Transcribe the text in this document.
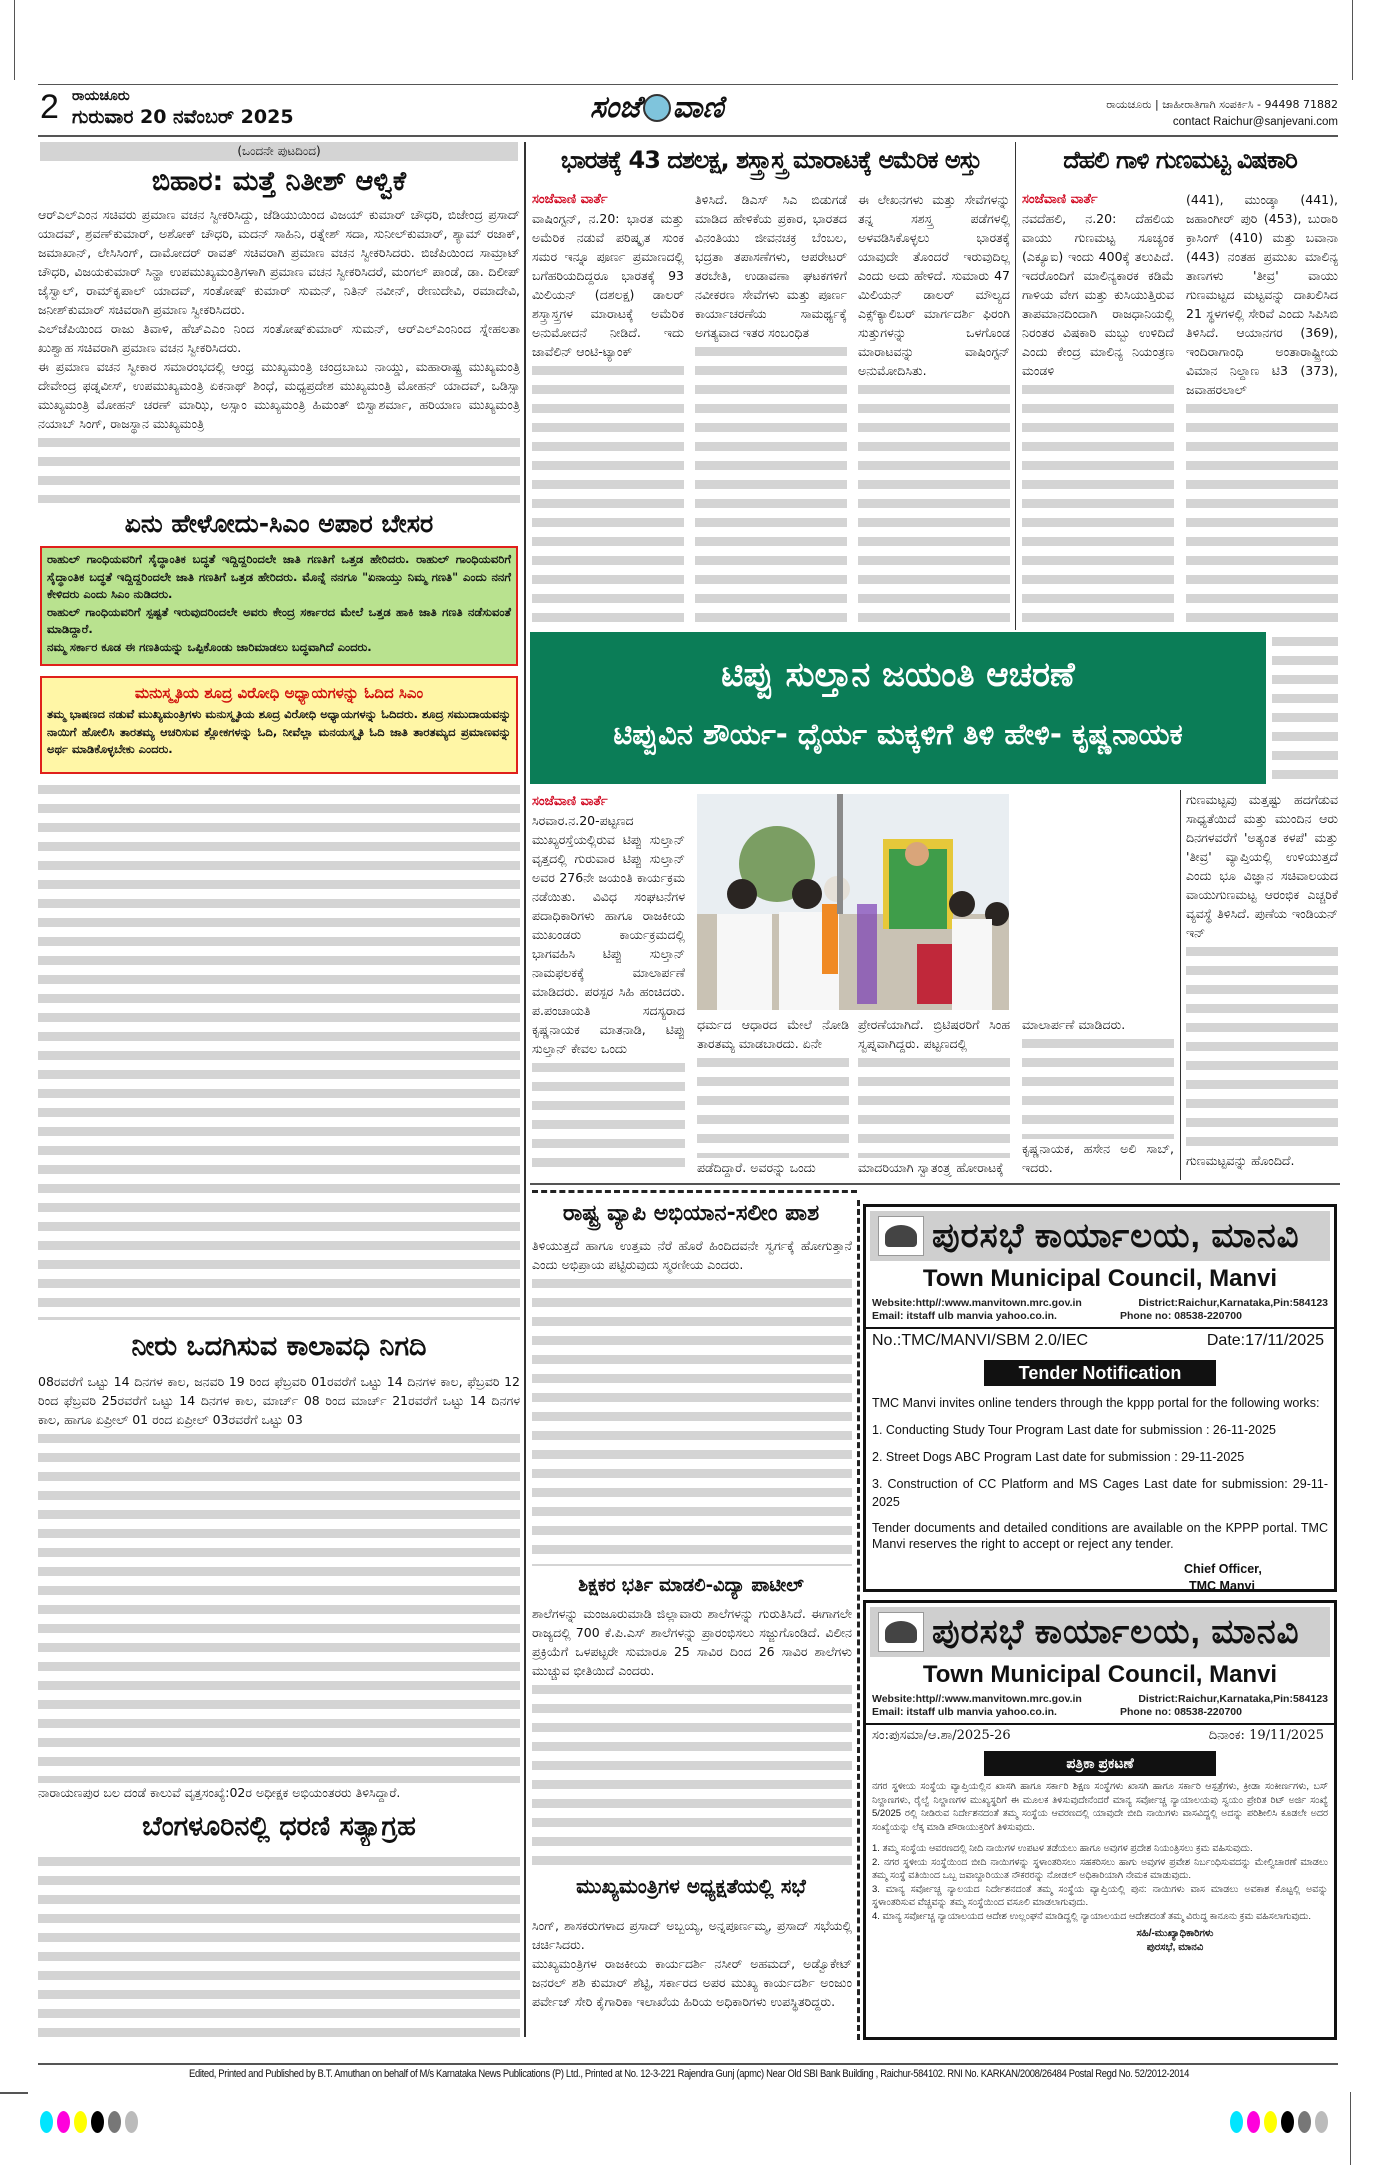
2 ರಾಯಚೂರು
ಗುರುವಾರ 20 ನವೆಂಬರ್ 2025	ಸಂಜೆ ವಾಣಿ	ರಾಯಚೂರು | ಜಾಹೀರಾತಿಗಾಗಿ ಸಂಪರ್ಕಿಸಿ - 94498 71882
contact Raichur@sanjevani.com
(ಒಂದನೇ ಪುಟದಿಂದ)
ಬಿಹಾರ: ಮತ್ತೆ ನಿತೀಶ್ ಆಳ್ವಿಕೆ

ಆರ್‌ಎಲ್‌ಎಂನ ಸಚಿವರು ಪ್ರಮಾಣ ವಚನ ಸ್ವೀಕರಿಸಿದ್ದು, ಜೆಡಿಯುಯಿಂದ ವಿಜಯ್ ಕುಮಾರ್ ಚೌಧರಿ, ಬಿಜೇಂದ್ರ ಪ್ರಸಾದ್ ಯಾದವ್, ಶ್ರವಣ್‌ಕುಮಾರ್, ಅಶೋಕ್ ಚೌಧರಿ, ಮದನ್ ಸಾಹಿನಿ, ರತ್ನೇಶ್ ಸದಾ, ಸುನೀಲ್‌ಕುಮಾರ್, ಶ್ಯಾಮ್ ರಜಾಕ್, ಜಮಾಖಾನ್, ಲೇಸಿಸಿಂಗ್, ದಾಮೋದರ್ ರಾವತ್ ಸಚಿವರಾಗಿ ಪ್ರಮಾಣ ವಚನ ಸ್ವೀಕರಿಸಿದರು. ಬಿಜೆಪಿಯಿಂದ ಸಾಮ್ರಾಟ್ ಚೌಧರಿ, ವಿಜಯಕುಮಾರ್ ಸಿನ್ಹಾ ಉಪಮುಖ್ಯಮಂತ್ರಿಗಳಾಗಿ ಪ್ರಮಾಣ ವಚನ ಸ್ವೀಕರಿಸಿದರೆ, ಮಂಗಲ್ ಪಾಂಡೆ, ಡಾ. ದಿಲೀಪ್ ಜೈಸ್ವಾಲ್, ರಾಮ್‌ಕೃಪಾಲ್ ಯಾದವ್, ಸಂತೋಷ್ ಕುಮಾರ್ ಸುಮನ್, ನಿತಿನ್ ನವೀನ್, ರೇಣುದೇವಿ, ರಮಾದೇವಿ, ಜನೀಶ್‌ಕುಮಾರ್ ಸಚಿವರಾಗಿ ಪ್ರಮಾಣ ಸ್ವೀಕರಿಸಿದರು.

ಎಲ್‌ಜೆಪಿಯಿಂದ ರಾಜು ತಿವಾಳಿ, ಹೆಚ್‌ಎಎಂ ನಿಂದ ಸಂತೋಷ್‌ಕುಮಾರ್ ಸುಮನ್, ಆರ್‌ಎಲ್‌ಎಂನಿಂದ ಸ್ನೇಹಲತಾ ಖುಶ್ವಾಹ ಸಚಿವರಾಗಿ ಪ್ರಮಾಣ ವಚನ ಸ್ವೀಕರಿಸಿದರು.

ಈ ಪ್ರಮಾಣ ವಚನ ಸ್ವೀಕಾರ ಸಮಾರಂಭದಲ್ಲಿ ಆಂಧ್ರ ಮುಖ್ಯಮಂತ್ರಿ ಚಂದ್ರಬಾಬು ನಾಯ್ಡು, ಮಹಾರಾಷ್ಟ್ರ ಮುಖ್ಯಮಂತ್ರಿ ದೇವೇಂದ್ರ ಫಡ್ನವೀಸ್, ಉಪಮುಖ್ಯಮಂತ್ರಿ ಏಕನಾಥ್ ಶಿಂಧೆ, ಮಧ್ಯಪ್ರದೇಶ ಮುಖ್ಯಮಂತ್ರಿ ಮೋಹನ್ ಯಾದವ್, ಒಡಿಸ್ಸಾ ಮುಖ್ಯಮಂತ್ರಿ ಮೋಹನ್ ಚರಣ್ ಮಾಝಿ, ಅಸ್ಸಾಂ ಮುಖ್ಯಮಂತ್ರಿ ಹಿಮಂತ್ ಬಿಸ್ವಾಶರ್ಮಾ, ಹರಿಯಾಣ ಮುಖ್ಯಮಂತ್ರಿ ನಯಾಬ್ ಸಿಂಗ್, ರಾಜಸ್ಥಾನ ಮುಖ್ಯಮಂತ್ರಿ

ಏನು ಹೇಳೋದು-ಸಿಎಂ ಅಪಾರ ಬೇಸರ

ರಾಹುಲ್ ಗಾಂಧಿಯವರಿಗೆ ಸೈದ್ಧಾಂತಿಕ ಬದ್ಧತೆ ಇದ್ದಿದ್ದರಿಂದಲೇ ಜಾತಿ ಗಣತಿಗೆ ಒತ್ತಡ ಹೇರಿದರು. ರಾಹುಲ್ ಗಾಂಧಿಯವರಿಗೆ ಸೈದ್ಧಾಂತಿಕ ಬದ್ಧತೆ ಇದ್ದಿದ್ದರಿಂದಲೇ ಜಾತಿ ಗಣತಿಗೆ ಒತ್ತಡ ಹೇರಿದರು. ಮೊನ್ನೆ ನನಗೂ "ಏನಾಯ್ತು ನಿಮ್ಮ ಗಣತಿ" ಎಂದು ನನಗೆ ಕೇಳಿದರು ಎಂದು ಸಿಎಂ ನುಡಿದರು.

ರಾಹುಲ್ ಗಾಂಧಿಯವರಿಗೆ ಸ್ಪಷ್ಟತೆ ಇರುವುದರಿಂದಲೇ ಅವರು ಕೇಂದ್ರ ಸರ್ಕಾರದ ಮೇಲೆ ಒತ್ತಡ ಹಾಕಿ ಜಾತಿ ಗಣತಿ ನಡೆಸುವಂತೆ ಮಾಡಿದ್ದಾರೆ.

ನಮ್ಮ ಸರ್ಕಾರ ಕೂಡ ಈ ಗಣತಿಯನ್ನು ಒಪ್ಪಿಕೊಂಡು ಜಾರಿಮಾಡಲು ಬದ್ಧವಾಗಿದೆ ಎಂದರು.

ಮನುಸ್ಮೃತಿಯ ಶೂದ್ರ ವಿರೋಧಿ ಅಧ್ಯಾಯಗಳನ್ನು ಓದಿದ ಸಿಎಂ

ತಮ್ಮ ಭಾಷಣದ ನಡುವೆ ಮುಖ್ಯಮಂತ್ರಿಗಳು ಮನುಸ್ಮೃತಿಯ ಶೂದ್ರ ವಿರೋಧಿ ಅಧ್ಯಾಯಗಳನ್ನು ಓದಿದರು. ಶೂದ್ರ ಸಮುದಾಯವನ್ನು ನಾಯಿಗೆ ಹೋಲಿಸಿ ತಾರತಮ್ಯ ಆಚರಿಸುವ ಶ್ಲೋಕಗಳನ್ನು ಓದಿ, ನೀವೆಲ್ಲಾ ಮನಯಸ್ಮೃತಿ ಓದಿ ಜಾತಿ ತಾರತಮ್ಯದ ಪ್ರಮಾಣವನ್ನು ಅರ್ಥ ಮಾಡಿಕೊಳ್ಳಬೇಕು ಎಂದರು.

ನೀರು ಒದಗಿಸುವ ಕಾಲಾವಧಿ ನಿಗದಿ

08ರವರೆಗೆ ಒಟ್ಟು 14 ದಿನಗಳ ಕಾಲ, ಜನವರಿ 19 ರಿಂದ ಫೆಬ್ರವರಿ 01ರವರೆಗೆ ಒಟ್ಟು 14 ದಿನಗಳ ಕಾಲ, ಫೆಬ್ರವರಿ 12 ರಿಂದ ಫೆಬ್ರವರಿ 25ರವರೆಗೆ ಒಟ್ಟು 14 ದಿನಗಳ ಕಾಲ, ಮಾರ್ಚ್ 08 ರಿಂದ ಮಾರ್ಚ್ 21ರವರೆಗೆ ಒಟ್ಟು 14 ದಿನಗಳ ಕಾಲ, ಹಾಗೂ ಏಪ್ರೀಲ್ 01 ರಂದ ಏಪ್ರೀಲ್ 03ರವರೆಗೆ ಒಟ್ಟು 03

ನಾರಾಯಣಪುರ ಬಲ ದಂಡೆ ಕಾಲುವೆ ವೃತ್ತಸಂಖ್ಯೆ:02ರ ಅಧೀಕ್ಷಕ ಅಭಿಯಂತರರು ತಿಳಿಸಿದ್ದಾರೆ.

ಬೆಂಗಳೂರಿನಲ್ಲಿ ಧರಣಿ ಸತ್ಯಾಗ್ರಹ
ಭಾರತಕ್ಕೆ 43 ದಶಲಕ್ಷ, ಶಸ್ತ್ರಾಸ್ತ್ರ ಮಾರಾಟಕ್ಕೆ ಅಮೆರಿಕ ಅಸ್ತು
ಸಂಜೆವಾಣಿ ವಾರ್ತೆ

ವಾಷಿಂಗ್ಟನ್, ನ.20: ಭಾರತ ಮತ್ತು ಅಮೆರಿಕ ನಡುವೆ ಪರಿಷ್ಕೃತ ಸುಂಕ ಸಮರ ಇನ್ನೂ ಪೂರ್ಣ ಪ್ರಮಾಣದಲ್ಲಿ ಬಗೆಹರಿಯದಿದ್ದರೂ ಭಾರತಕ್ಕೆ 93 ಮಿಲಿಯನ್ (ದಶಲಕ್ಷ) ಡಾಲರ್ ಶಸ್ತ್ರಾಸ್ತ್ರಗಳ ಮಾರಾಟಕ್ಕೆ ಅಮೆರಿಕ ಅನುಮೋದನೆ ನೀಡಿದೆ. ಇದು ಜಾವೆಲಿನ್ ಆಂಟಿ-ಟ್ಯಾಂಕ್

ತಿಳಿಸಿದೆ. ಡಿಎಸ್ ಸಿಎ ಬಿಡುಗಡೆ ಮಾಡಿದ ಹೇಳಿಕೆಯ ಪ್ರಕಾರ, ಭಾರತದ ವಿನಂತಿಯು ಜೀವನಚಕ್ರ ಬೆಂಬಲ, ಭದ್ರತಾ ತಪಾಸಣೆಗಳು, ಆಪರೇಟರ್ ತರಬೇತಿ, ಉಡಾವಣಾ ಘಟಕಗಳಿಗೆ ನವೀಕರಣ ಸೇವೆಗಳು ಮತ್ತು ಪೂರ್ಣ ಕಾರ್ಯಾಚರಣೆಯ ಸಾಮರ್ಥ್ಯಕ್ಕೆ ಅಗತ್ಯವಾದ ಇತರ ಸಂಬಂಧಿತ

ಈ ಲೇಖನಗಳು ಮತ್ತು ಸೇವೆಗಳನ್ನು ತನ್ನ ಸಶಸ್ತ್ರ ಪಡೆಗಳಲ್ಲಿ ಅಳವಡಿಸಿಕೊಳ್ಳಲು ಭಾರತಕ್ಕೆ ಯಾವುದೇ ತೊಂದರೆ ಇರುವುದಿಲ್ಲ ಎಂದು ಅದು ಹೇಳಿದೆ. ಸುಮಾರು 47 ಮಿಲಿಯನ್ ಡಾಲರ್ ಮೌಲ್ಯದ ಎಕ್ಸ್‌ಕ್ಯಾಲಿಬರ್ ಮಾರ್ಗದರ್ಶಿ ಫಿರಂಗಿ ಸುತ್ತುಗಳನ್ನು ಒಳಗೊಂಡ ಮಾರಾಟವನ್ನು ವಾಷಿಂಗ್ಟನ್ ಅನುಮೋದಿಸಿತು.

ದೆಹಲಿ ಗಾಳಿ ಗುಣಮಟ್ಟ ವಿಷಕಾರಿ
ಸಂಜೆವಾಣಿ ವಾರ್ತೆ

ನವದೆಹಲಿ, ನ.20: ದೆಹಲಿಯ ವಾಯು ಗುಣಮಟ್ಟ ಸೂಚ್ಯಂಕ (ಎಕ್ಯೂಐ) ಇಂದು 400ಕ್ಕೆ ತಲುಪಿದೆ. ಇದರೊಂದಿಗೆ ಮಾಲಿನ್ಯಕಾರಕ ಕಡಿಮೆ ಗಾಳಿಯ ವೇಗ ಮತ್ತು ಕುಸಿಯುತ್ತಿರುವ ತಾಪಮಾನದಿಂದಾಗಿ ರಾಜಧಾನಿಯಲ್ಲಿ ನಿರಂತರ ವಿಷಕಾರಿ ಮಬ್ಬು ಉಳಿದಿದೆ ಎಂದು ಕೇಂದ್ರ ಮಾಲಿನ್ಯ ನಿಯಂತ್ರಣ ಮಂಡಳಿ

(441), ಮುಂಡ್ಕಾ (441), ಜಹಾಂಗೀರ್ ಪುರಿ (453), ಬುರಾರಿ ಕ್ರಾಸಿಂಗ್ (410) ಮತ್ತು ಬವಾನಾ (443) ನಂತಹ ಪ್ರಮುಖ ಮಾಲಿನ್ಯ ತಾಣಗಳು 'ತೀವ್ರ' ವಾಯು ಗುಣಮಟ್ಟದ ಮಟ್ಟವನ್ನು ದಾಖಲಿಸಿದ 21 ಸ್ಥಳಗಳಲ್ಲಿ ಸೇರಿವೆ ಎಂದು ಸಿಪಿಸಿಬಿ ತಿಳಿಸಿದೆ. ಆಯಾನಗರ (369), ಇಂದಿರಾಗಾಂಧಿ ಅಂತಾರಾಷ್ಟ್ರೀಯ ವಿಮಾನ ನಿಲ್ದಾಣ ಟಿ3 (373), ಜವಾಹರಲಾಲ್

ಗುಣಮಟ್ಟವು ಮತ್ತಷ್ಟು ಹದಗೆಡುವ ಸಾಧ್ಯತೆಯಿದೆ ಮತ್ತು ಮುಂದಿನ ಆರು ದಿನಗಳವರೆಗೆ 'ಅತ್ಯಂತ ಕಳಪೆ' ಮತ್ತು 'ತೀವ್ರ' ವ್ಯಾಪ್ತಿಯಲ್ಲಿ ಉಳಿಯುತ್ತದೆ ಎಂದು ಭೂ ವಿಜ್ಞಾನ ಸಚಿವಾಲಯದ ವಾಯುಗುಣಮಟ್ಟ ಆರಂಭಿಕ ಎಚ್ಚರಿಕೆ ವ್ಯವಸ್ಥೆ ತಿಳಿಸಿದೆ. ಪುಣೆಯ ಇಂಡಿಯನ್ ಇನ್

ಗುಣಮಟ್ಟವನ್ನು ಹೊಂದಿದೆ.

ಟಿಪ್ಪು ಸುಲ್ತಾನ ಜಯಂತಿ ಆಚರಣೆ
ಟಿಪ್ಪುವಿನ ಶೌರ್ಯ- ಧೈರ್ಯ ಮಕ್ಕಳಿಗೆ ತಿಳಿ ಹೇಳಿ- ಕೃಷ್ಣನಾಯಕ
ಸಂಜೆವಾಣಿ ವಾರ್ತೆ

ಸಿರವಾರ.ನ.20-ಪಟ್ಟಣದ ಮುಖ್ಯರಸ್ತೆಯಲ್ಲಿರುವ ಟಿಪ್ಪು ಸುಲ್ತಾನ್ ವೃತ್ತದಲ್ಲಿ ಗುರುವಾರ ಟಿಪ್ಪು ಸುಲ್ತಾನ್ ಅವರ 276ನೇ ಜಯಂತಿ ಕಾರ್ಯಕ್ರಮ ನಡೆಯಿತು. ವಿವಿಧ ಸಂಘಟನೆಗಳ ಪದಾಧಿಕಾರಿಗಳು ಹಾಗೂ ರಾಜಕೀಯ ಮುಖಂಡರು ಕಾರ್ಯಕ್ರಮದಲ್ಲಿ ಭಾಗವಹಿಸಿ ಟಿಪ್ಪು ಸುಲ್ತಾನ್ ನಾಮಫಲಕಕ್ಕೆ ಮಾಲಾರ್ಪಣೆ ಮಾಡಿದರು. ಪರಸ್ಪರ ಸಿಹಿ ಹಂಚಿದರು. ಪ.ಪಂಚಾಯತಿ ಸದಸ್ಯರಾದ ಕೃಷ್ಣನಾಯಕ ಮಾತನಾಡಿ, ಟಿಪ್ಪು ಸುಲ್ತಾನ್ ಕೇವಲ ಒಂದು

ಧರ್ಮದ ಆಧಾರದ ಮೇಲೆ ನೋಡಿ ತಾರತಮ್ಯ ಮಾಡಬಾರದು. ಏನೇ

ಪಡೆದಿದ್ದಾರೆ. ಅವರನ್ನು ಒಂದು

ಪ್ರೇರಣೆಯಾಗಿದೆ. ಬ್ರಿಟಿಷರರಿಗೆ ಸಿಂಹ ಸ್ವಪ್ನವಾಗಿದ್ದರು. ಪಟ್ಟಣದಲ್ಲಿ

ಮಾದರಿಯಾಗಿ ಸ್ವಾತಂತ್ರ್ಯ ಹೋರಾಟಕ್ಕೆ

ಮಾಲಾರ್ಪಣೆ ಮಾಡಿದರು.

ಕೃಷ್ಣನಾಯಕ, ಹಸೇನ ಅಲಿ ಸಾಬ್, ಇದರು.

ರಾಷ್ಟ್ರ ವ್ಯಾಪಿ ಅಭಿಯಾನ-ಸಲೀಂ ಪಾಶ

ತಿಳಿಯುತ್ತದೆ ಹಾಗೂ ಉತ್ತಮ ನೆರೆ ಹೊರೆ ಹಿಂದಿದವನೇ ಸ್ವರ್ಗಕ್ಕೆ ಹೋಗುತ್ತಾನೆ ಎಂದು ಅಭಿಪ್ರಾಯ ಪಟ್ಟಿರುವುದು ಸ್ಮರಣೀಯ ಎಂದರು.

ಶಿಕ್ಷಕರ ಭರ್ತಿ ಮಾಡಲಿ-ವಿದ್ಯಾ ಪಾಟೀಲ್

ಶಾಲೆಗಳನ್ನು ಮಂಜೂರುಮಾಡಿ ಜಿಲ್ಲಾವಾರು ಶಾಲೆಗಳನ್ನು ಗುರುತಿಸಿದೆ. ಈಗಾಗಲೇ ರಾಜ್ಯದಲ್ಲಿ 700 ಕೆ.ಪಿ.ಎಸ್ ಶಾಲೆಗಳನ್ನು ಪ್ರಾರಂಭಿಸಲು ಸಜ್ಜುಗೊಂಡಿದೆ. ವಿಲೀನ ಪ್ರಕ್ರಿಯೆಗೆ ಒಳಪಟ್ಟರೇ ಸುಮಾರೂ 25 ಸಾವಿರ ದಿಂದ 26 ಸಾವಿರ ಶಾಲೆಗಳು ಮುಚ್ಚುವ ಭೀತಿಯಿದೆ ಎಂದರು.

ಮುಖ್ಯಮಂತ್ರಿಗಳ ಅಧ್ಯಕ್ಷತೆಯಲ್ಲಿ ಸಭೆ

ಸಿಂಗ್, ಶಾಸಕರುಗಳಾದ ಪ್ರಸಾದ್ ಅಬ್ಬಯ್ಯ, ಅನ್ನಪೂರ್ಣಮ್ಮ, ಪ್ರಸಾದ್ ಸಭೆಯಲ್ಲಿ ಚರ್ಚಿಸಿದರು.

ಮುಖ್ಯಮಂತ್ರಿಗಳ ರಾಜಕೀಯ ಕಾರ್ಯದರ್ಶಿ ನಸೀರ್ ಅಹಮದ್, ಅಡ್ವೊಕೇಟ್ ಜನರಲ್ ಶಶಿ ಕುಮಾರ್ ಶೆಟ್ಟಿ, ಸರ್ಕಾರದ ಅಪರ ಮುಖ್ಯ ಕಾರ್ಯದರ್ಶಿ ಅಂಜುಂ ಪರ್ವೇಜ್ ಸೇರಿ ಕೈಗಾರಿಕಾ ಇಲಾಖೆಯ ಹಿರಿಯ ಅಧಿಕಾರಿಗಳು ಉಪಸ್ಥಿತರಿದ್ದರು.

ಪುರಸಭೆ ಕಾರ್ಯಾಲಯ, ಮಾನವಿ
Town Municipal Council, Manvi
Website:http//:www.manvitown.mrc.gov.in	District:Raichur,Karnataka,Pin:584123
Email: itstaff ulb manvia yahoo.co.in.	Phone no: 08538-220700
No.:TMC/MANVI/SBM 2.0/IEC	Date:17/11/2025
Tender Notification
TMC Manvi invites online tenders through the kppp portal for the following works:
1. Conducting Study Tour Program Last date for submission : 26-11-2025
2. Street Dogs ABC Program Last date for submission : 29-11-2025
3. Construction of CC Platform and MS Cages Last date for submission: 29-11-2025
Tender documents and detailed conditions are available on the KPPP portal. TMC Manvi reserves the right to accept or reject any tender.
Chief Officer,
TMC Manvi
ಪುರಸಭೆ ಕಾರ್ಯಾಲಯ, ಮಾನವಿ
Town Municipal Council, Manvi
Website:http//:www.manvitown.mrc.gov.in	District:Raichur,Karnataka,Pin:584123
Email: itstaff ulb manvia yahoo.co.in.	Phone no: 08538-220700
ಸಂ:ಪುಸಮಾ/ಆ.ಶಾ/2025-26	ದಿನಾಂಕ: 19/11/2025
ಪತ್ರಿಕಾ ಪ್ರಕಟಣೆ
ನಗರ ಸ್ಥಳೀಯ ಸಂಸ್ಥೆಯ ವ್ಯಾಪ್ತಿಯಲ್ಲಿನ ಖಾಸಗಿ ಹಾಗೂ ಸರ್ಕಾರಿ ಶಿಕ್ಷಣ ಸಂಸ್ಥೆಗಳು ಖಾಸಗಿ ಹಾಗೂ ಸರ್ಕಾರಿ ಆಸ್ಪತ್ರೆಗಳು, ಕ್ರೀಡಾ ಸಂಕೀರ್ಣಗಳು, ಬಸ್ ನಿಲ್ದಾಣಗಳು, ರೈಲ್ವೆ ನಿಲ್ದಾಣಗಳ ಮುಖ್ಯಸ್ಥರಿಗೆ ಈ ಮೂಲಕ ತಿಳಿಸುವುದೇನೆಂದರೆ ಮಾನ್ಯ ಸರ್ವೋಚ್ಚ ನ್ಯಾಯಾಲಯವು ಸ್ವಯಂ ಪ್ರೇರಿತ ರಿಟ್ ಅರ್ಜಿ ಸಂಖ್ಯೆ 5/2025 ರಲ್ಲಿ ನೀಡಿರುವ ನಿರ್ದೇಶನದಂತೆ ತಮ್ಮ ಸಂಸ್ಥೆಯ ಆವರಣದಲ್ಲಿ ಯಾವುದೇ ಬೀದಿ ನಾಯಿಗಳು ವಾಸವಿದ್ದಲ್ಲಿ ಅದನ್ನು ಪರಿಶೀಲಿಸಿ ಕೂಡಲೇ ಅದರ ಸಂಖ್ಯೆಯನ್ನು ಲೆಕ್ಕ ಮಾಡಿ ಪೌರಾಯುಕ್ತರಿಗೆ ತಿಳಿಸುವುದು.
1. ತಮ್ಮ ಸಂಸ್ಥೆಯ ಆವರಣದಲ್ಲಿ ನೀದಿ ನಾಯಿಗಳ ಉಪಟಳ ತಡೆಯಲು ಹಾಗೂ ಅವುಗಳ ಪ್ರದೇಶ ನಿಯಂತ್ರಿಸಲು ಕ್ರಮ ವಹಿಸುವುದು.
2. ನಗರ ಸ್ಥಳೀಯ ಸಂಸ್ಥೆಯಿಂದ ಬೀದಿ ನಾಯಿಗಳನ್ನು ಸ್ಥಳಾಂತರಿಸಲು ಸಹಕರಿಸಲು ಹಾಗು ಅವುಗಳ ಪ್ರವೇಶ ನಿರ್ಬಂಧಿಸುವದನ್ನು ಮೇಲ್ವಿಚಾರಣೆ ಮಾಡಲು ತಮ್ಮ ಸಂಸ್ಥೆ ವತಿಯಿಂದ ಒಬ್ಬ ಜವಾಬ್ದಾರಿಯುತ ನೌಕರರನ್ನು ನೋಡಲ್ ಅಧಿಕಾರಿಯಾಗಿ ನೇಮಕ ಮಾಡುವುದು.
3. ಮಾನ್ಯ ಸರ್ವೋಚ್ಚ ನ್ಯಾಲಯದ ನಿರ್ದೇಶನದಂತೆ ತಮ್ಮ ಸಂಸ್ಥೆಯ ವ್ಯಾಪ್ತಿಯಲ್ಲಿ ಪುನ: ನಾಯಿಗಳು ವಾಸ ಮಾಡಲು ಅವಕಾಶ ಕೊಟ್ಟಲ್ಲಿ ಅವನ್ನು ಸ್ಥಳಾಂತರಿಸುವ ವೆಚ್ಚವನ್ನು ತಮ್ಮ ಸಂಸ್ಥೆಯಿಂದ ವಸೂಲಿ ಮಾಡಲಾಗುವುದು.
4. ಮಾನ್ಯ ಸರ್ವೋಚ್ಚ ನ್ಯಾಯಾಲಯದ ಆದೇಶ ಉಲ್ಲಂಘನೆ ಮಾಡಿದ್ದಲ್ಲಿ ನ್ಯಾಯಾಲಯದ ಆದೇಶದಂತೆ ತಮ್ಮ ವಿರುದ್ಧ ಕಾನೂನು ಕ್ರಮ ವಹಿಸಲಾಗುವುದು.
ಸಹಿ/-ಮುಖ್ಯಾಧಿಕಾರಿಗಳು
ಪುರಸಭೆ, ಮಾನವಿ
Edited, Printed and Published by B.T. Amuthan on behalf of M/s Karnataka News Publications (P) Ltd., Printed at No. 12-3-221 Rajendra Gunj (apmc) Near Old SBI Bank Building , Raichur-584102. RNI No. KARKAN/2008/26484 Postal Regd No. 52/2012-2014
